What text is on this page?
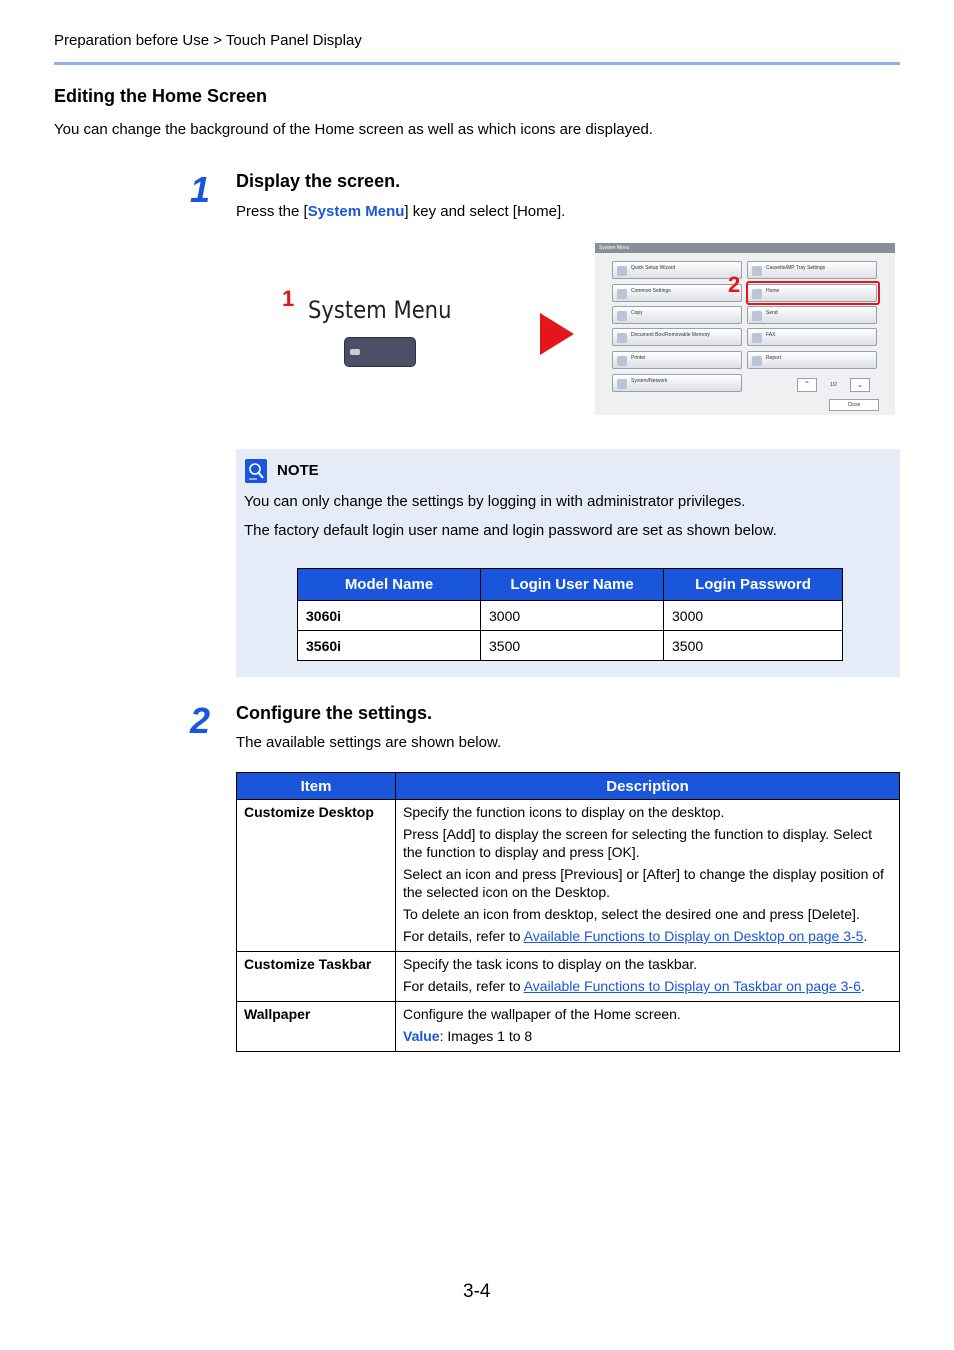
Preparation before Use > Touch Panel Display
Editing the Home Screen
You can change the background of the Home screen as well as which icons are displayed.
1 Display the screen.
Press the [System Menu] key and select [Home].
1 System Menu
System Menu
Quick Setup Wizard
Common Settings
Copy
Document Box/Removable Memory
Printer
System/Network
Cassette/MP Tray Settings
Home
Send
FAX
Report
⌃	1/2	⌄
Close
2
NOTE
You can only change the settings by logging in with administrator privileges.
The factory default login user name and login password are set as shown below.
Model Name	Login User Name	Login Password
3060i	3000	3000
3560i	3500	3500
2 Configure the settings.
The available settings are shown below.
Item	Description
Customize Desktop	Specify the function icons to display on the desktop.

Press [Add] to display the screen for selecting the function to display. Select the function to display and press [OK].

Select an icon and press [Previous] or [After] to change the display position of the selected icon on the Desktop.

To delete an icon from desktop, select the desired one and press [Delete].

For details, refer to Available Functions to Display on Desktop on page 3-5.

Customize Taskbar	Specify the task icons to display on the taskbar.

For details, refer to Available Functions to Display on Taskbar on page 3-6.

Wallpaper	Configure the wallpaper of the Home screen.

Value: Images 1 to 8

3-4
